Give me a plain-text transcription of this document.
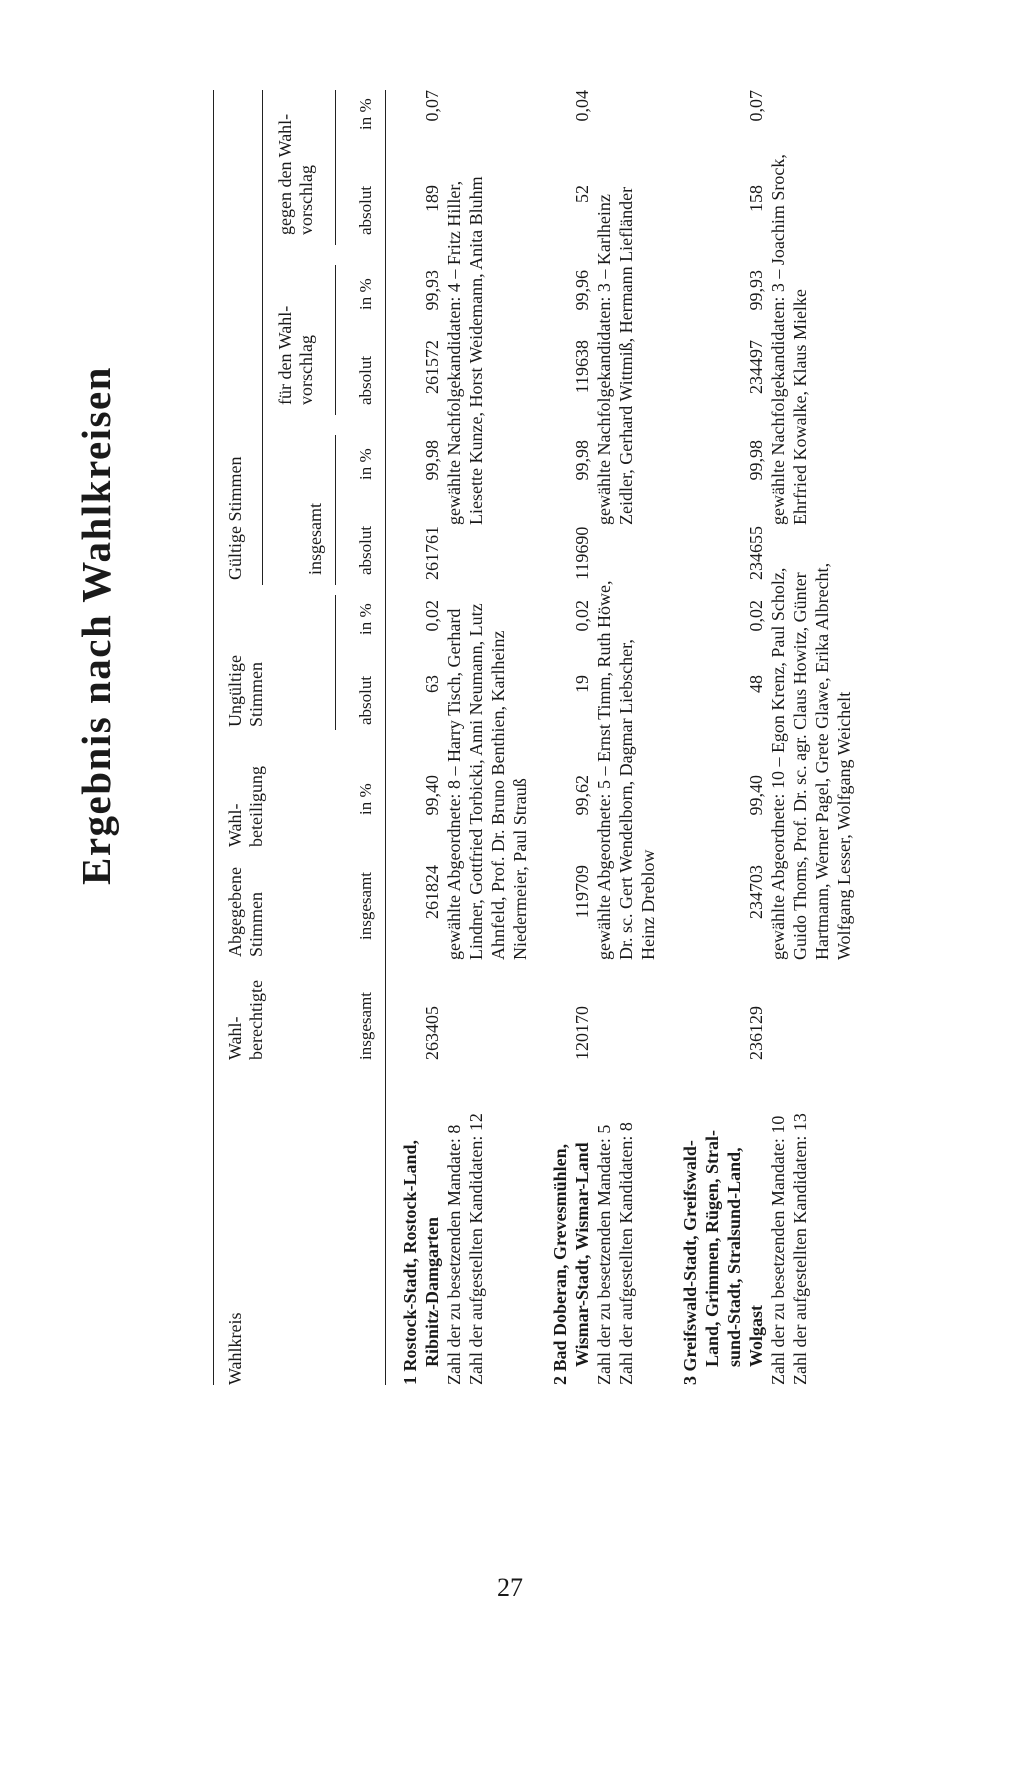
27
Ergebnis nach Wahlkreisen
Wahlkreis
Wahl- berechtigte
Abgegebene Stimmen
Wahl- beteiligung
Ungültige Stimmen
Gültige Stimmen	insgesamt
für den Wahl- vorschlag
gegen den Wahl- vorschlag
insgesamt
insgesamt
in %
absolut
in %
absolut
in %
absolut
in %
absolut
in %
1 Rostock-Stadt, Rostock-Land, Ribnitz-Damgarten Zahl der zu besetzenden Mandate: 8 Zahl der aufgestellten Kandidaten: 12
263405
261824
99,40
63
0,02
261761
99,98
261572
99,93
189
0,07
gewählte Abgeordnete: 8 – Harry Tisch, Gerhard Lindner, Gottfried Torbicki, Anni Neumann, Lutz Ahnfeld, Prof. Dr. Bruno Benthien, Karlheinz Niedermeier, Paul Strauß
gewählte Nachfolgekandidaten: 4 – Fritz Hiller, Liesette Kunze, Horst Weidemann, Anita Bluhm
2 Bad Doberan, Grevesmühlen, Wismar-Stadt, Wismar-Land Zahl der zu besetzenden Mandate: 5 Zahl der aufgestellten Kandidaten: 8
120170
119709
99,62
19
0,02
119690
99,98
119638
99,96
52
0,04
gewählte Abgeordnete: 5 – Ernst Timm, Ruth Höwe, Dr. sc. Gert Wendelborn, Dagmar Liebscher, Heinz Dreblow
gewählte Nachfolgekandidaten: 3 – Karlheinz Zeidler, Gerhard Wittmiß, Hermann Liefländer
3 Greifswald-Stadt, Greifswald- Land, Grimmen, Rügen, Stral- sund-Stadt, Stralsund-Land, Wolgast Zahl der zu besetzenden Mandate: 10 Zahl der aufgestellten Kandidaten: 13
236129
234703
99,40
48
0,02
234655
99,98
234497
99,93
158
0,07
gewählte Abgeordnete: 10 – Egon Krenz, Paul Scholz, Guido Thoms, Prof. Dr. sc. agr. Claus Howitz, Günter Hartmann, Werner Pagel, Grete Glawe, Erika Albrecht, Wolfgang Lesser, Wolfgang Weichelt
gewählte Nachfolgekandidaten: 3 – Joachim Srock, Ehrfried Kowalke, Klaus Mielke
